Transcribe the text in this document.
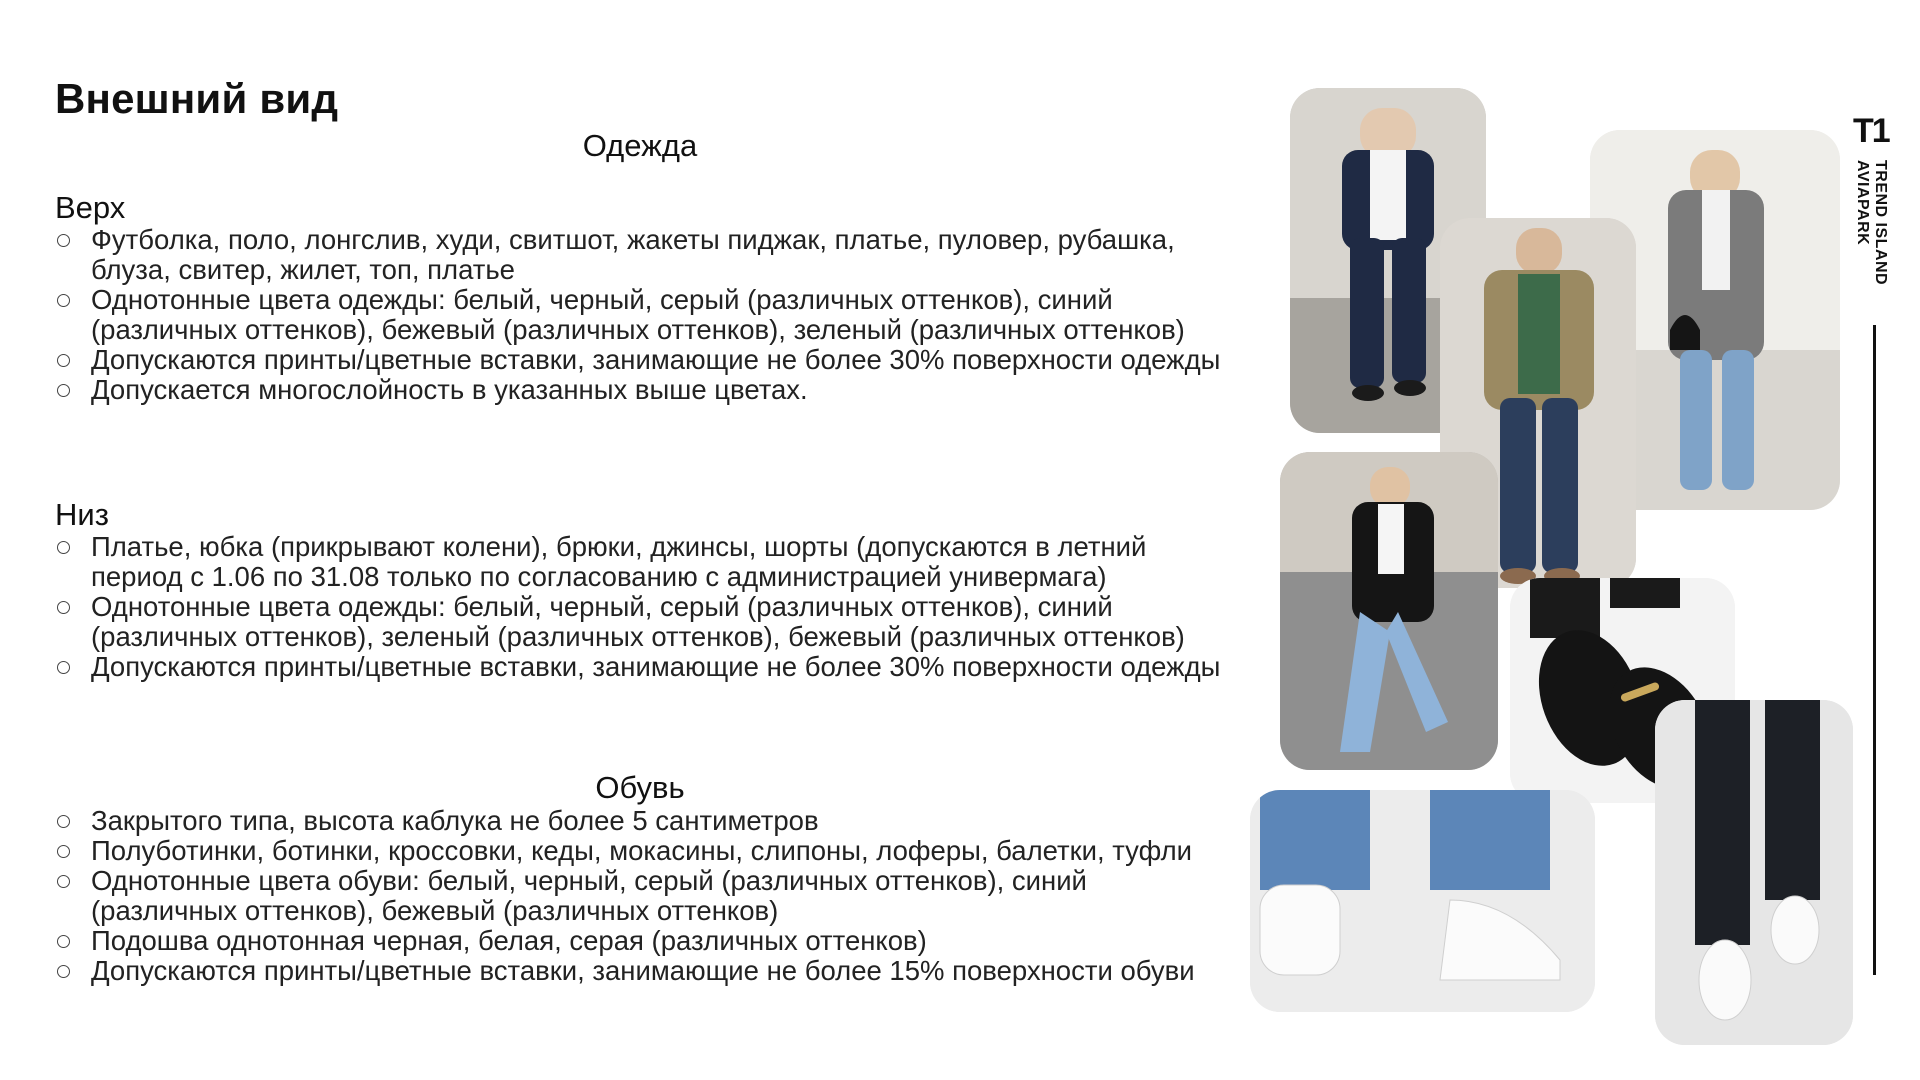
Внешний вид
Одежда
Верх
Футболка, поло, лонгслив, худи, свитшот, жакеты пиджак, платье, пуловер, рубашка, блуза, свитер, жилет, топ, платье
Однотонные цвета одежды: белый, черный, серый (различных оттенков), синий (различных оттенков), бежевый (различных оттенков), зеленый (различных оттенков)
Допускаются принты/цветные вставки, занимающие не более 30% поверхности одежды
Допускается многослойность в указанных выше цветах.
Низ
Платье, юбка (прикрывают колени), брюки, джинсы, шорты (допускаются в летний период с 1.06 по 31.08 только по согласованию с администрацией универмага)
Однотонные цвета одежды: белый, черный, серый (различных оттенков), синий (различных оттенков), зеленый (различных оттенков), бежевый (различных оттенков)
Допускаются принты/цветные вставки, занимающие не более 30% поверхности одежды
Обувь
Закрытого типа, высота каблука не более 5 сантиметров
Полуботинки, ботинки, кроссовки, кеды, мокасины, слипоны, лоферы, балетки, туфли
Однотонные цвета обуви: белый, черный, серый (различных оттенков), синий (различных оттенков), бежевый (различных оттенков)
Подошва однотонная черная, белая, серая (различных оттенков)
Допускаются принты/цветные вставки, занимающие не более 15% поверхности обуви
T1
TREND ISLAND
AVIAPARK
